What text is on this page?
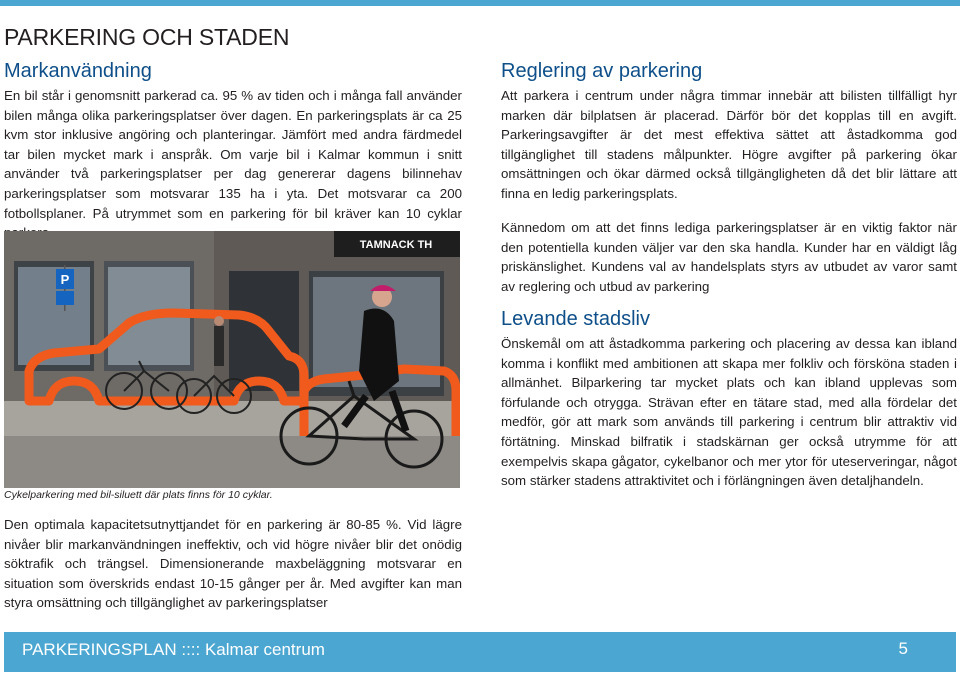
PARKERING OCH STADEN
Markanvändning

En bil står i genomsnitt parkerad ca. 95 % av tiden och i många fall använder bilen många olika parkeringsplatser över dagen. En parkeringsplats är ca 25 kvm stor inklusive angöring och planteringar. Jämfört med andra färdmedel tar bilen mycket mark i anspråk. Om varje bil i Kalmar kommun i snitt använder två parkeringsplatser per dag genererar dagens bilinnehav parkeringsplatser som motsvarar 135 ha i yta. Det motsvarar ca 200 fotbollsplaner. På utrymmet som en parkering för bil kräver kan 10 cyklar

TAMNACK TH
P
Cykelparkering med bil-siluett där plats finns för 10 cyklar.

Den optimala kapacitetsutnyttjandet för en parkering är 80-85 %. Vid lägre nivåer blir markanvändningen ineffektiv, och vid högre nivåer blir det onödig söktrafik och trängsel. Dimensionerande maxbeläggning motsvarar en situation som överskrids endast 10-15 gånger per år. Med avgifter kan man styra omsättning och tillgänglighet av parkeringsplatser

Reglering av parkering

Att parkera i centrum under några timmar innebär att bilisten tillfälligt hyr marken där bilplatsen är placerad. Därför bör det kopplas till en avgift. Parkeringsavgifter är det mest effektiva sättet att åstadkomma god tillgänglighet till stadens målpunkter. Högre avgifter på parkering ökar omsättningen och ökar därmed också tillgängligheten då det blir lättare att finna en ledig parkeringsplats.

Kännedom om att det finns lediga parkeringsplatser är en viktig faktor när den potentiella kunden väljer var den ska handla. Kunder har en väldigt låg priskänslighet. Kundens val av handelsplats styrs av utbudet av varor samt av reglering och utbud av parkering

Levande stadsliv

Önskemål om att åstadkomma parkering och placering av dessa kan ibland komma i konflikt med ambitionen att skapa mer folkliv och försköna staden i allmänhet. Bilparkering tar mycket plats och kan ibland upplevas som förfulande och otrygga. Strävan efter en tätare stad, med alla fördelar det medför, gör att mark som används till parkering i centrum blir attraktiv vid förtätning. Minskad bilfratik i stadskärnan ger också utrymme för att exempelvis skapa gågator, cykelbanor och mer ytor för uteserveringar, något som stärker stadens attraktivitet och i förlängningen även detaljhandeln.

PARKERINGSPLAN :::: Kalmar centrum	5
